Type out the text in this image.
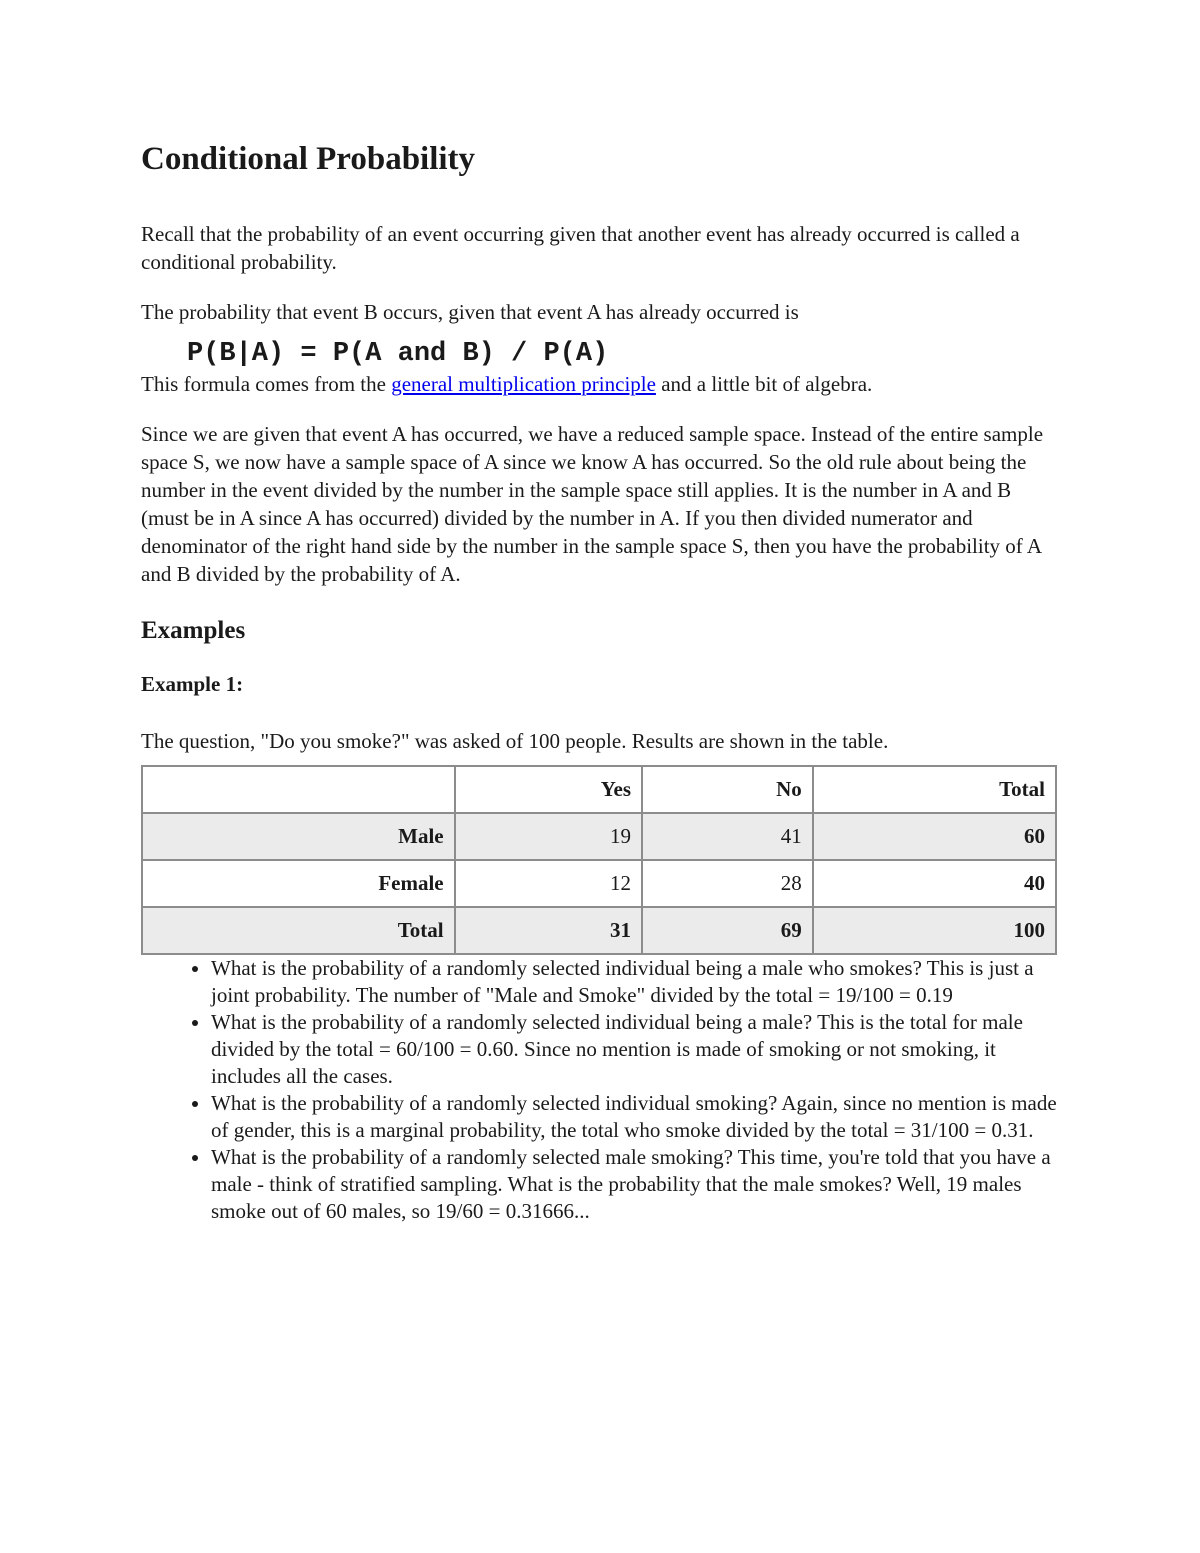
Conditional Probability

Recall that the probability of an event occurring given that another event has already occurred is called a conditional probability.

The probability that event B occurs, given that event A has already occurred is

P(B|A) = P(A and B) / P(A)

This formula comes from the general multiplication principle and a little bit of algebra.

Since we are given that event A has occurred, we have a reduced sample space. Instead of the entire sample space S, we now have a sample space of A since we know A has occurred. So the old rule about being the number in the event divided by the number in the sample space still applies. It is the number in A and B (must be in A since A has occurred) divided by the number in A. If you then divided numerator and denominator of the right hand side by the number in the sample space S, then you have the probability of A and B divided by the probability of A.

Examples
Example 1:

The question, "Do you smoke?" was asked of 100 people. Results are shown in the table.

	Yes	No	Total
Male	19	41	60
Female	12	28	40
Total	31	69	100
• What is the probability of a randomly selected individual being a male who smokes? This is just a joint probability. The number of "Male and Smoke" divided by the total = 19/100 = 0.19
• What is the probability of a randomly selected individual being a male? This is the total for male divided by the total = 60/100 = 0.60. Since no mention is made of smoking or not smoking, it includes all the cases.
• What is the probability of a randomly selected individual smoking? Again, since no mention is made of gender, this is a marginal probability, the total who smoke divided by the total = 31/100 = 0.31.
• What is the probability of a randomly selected male smoking? This time, you're told that you have a male - think of stratified sampling. What is the probability that the male smokes? Well, 19 males smoke out of 60 males, so 19/60 = 0.31666...
